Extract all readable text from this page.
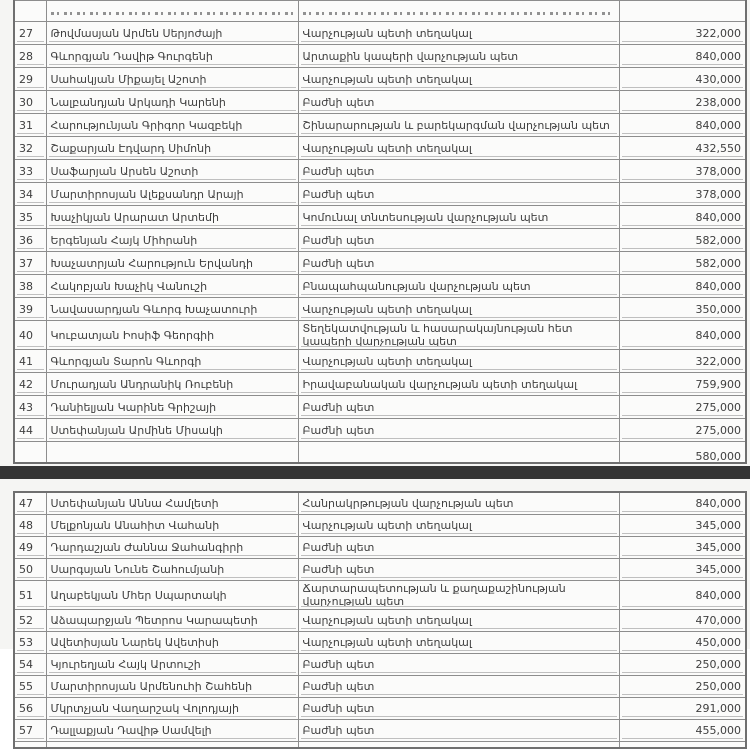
27	Թովմասյան Արմեն Սերյոժայի	Վարչության պետի տեղակալ	322,000
28	Գևորգյան Դավիթ Գուրգենի	Արտաքին կապերի վարչության պետ	840,000
29	Սահակյան Միքայել Աշոտի	Վարչության պետի տեղակալ	430,000
30	Նալբանդյան Արկադի Կարենի	Բաժնի պետ	238,000
31	Հարությունյան Գրիգոր Կազբեկի	Շինարարության և բարեկարգման վարչության պետ	840,000
32	Շաքարյան Էդվարդ Սիմոնի	Վարչության պետի տեղակալ	432,550
33	Սաֆարյան Արսեն Աշոտի	Բաժնի պետ	378,000
34	Մարտիրոսյան Ալեքսանդր Արայի	Բաժնի պետ	378,000
35	Խաչիկյան Արարատ Արտեմի	Կոմունալ տնտեսության վարչության պետ	840,000
36	Երգենյան Հայկ Միհրանի	Բաժնի պետ	582,000
37	Խաչատրյան Հարություն Երվանդի	Բաժնի պետ	582,000
38	Հակոբյան Խաչիկ Վանուշի	Բնապահպանության վարչության պետ	840,000
39	Նավասարդյան Գևորգ Խաչատուրի	Վարչության պետի տեղակալ	350,000
40	Կուբատյան Իոսիֆ Գեորգիի	Տեղեկատվության և հասարակայնության հետ կապերի վարչության պետ	840,000
41	Գևորգյան Տարոն Գևորգի	Վարչության պետի տեղակալ	322,000
42	Մուրադյան Անդրանիկ Ռուբենի	Իրավաբանական վարչության պետի տեղակալ	759,900
43	Դանիելյան Կարինե Գրիշայի	Բաժնի պետ	275,000
44	Ստեփանյան Արմինե Միսակի	Բաժնի պետ	275,000

			580,000
47	Ստեփանյան Աննա Համլետի	Հանրակրթության վարչության պետ	840,000
48	Մելքոնյան Անահիտ Վահանի	Վարչության պետի տեղակալ	345,000
49	Դարդաշյան Ժաննա Ջահանգիրի	Բաժնի պետ	345,000
50	Սարգսյան Նունե Շահումյանի	Բաժնի պետ	345,000
51	Աղաբեկյան Մհեր Սպարտակի	Ճարտարապետության և քաղաքաշինության վարչության պետ	840,000
52	Աձապարջյան Պետրոս Կարապետի	Վարչության պետի տեղակալ	470,000
53	Ավետիսյան Նարեկ Ավետիսի	Վարչության պետի տեղակալ	450,000
54	Կյուրեղյան Հայկ Արտուշի	Բաժնի պետ	250,000
55	Մարտիրոսյան Արմենուհի Շահենի	Բաժնի պետ	250,000
56	Մկրտչյան Վաղարշակ Վոլոդյայի	Բաժնի պետ	291,000
57	Դալլաքյան Դավիթ Սամվելի	Բաժնի պետ	455,000
